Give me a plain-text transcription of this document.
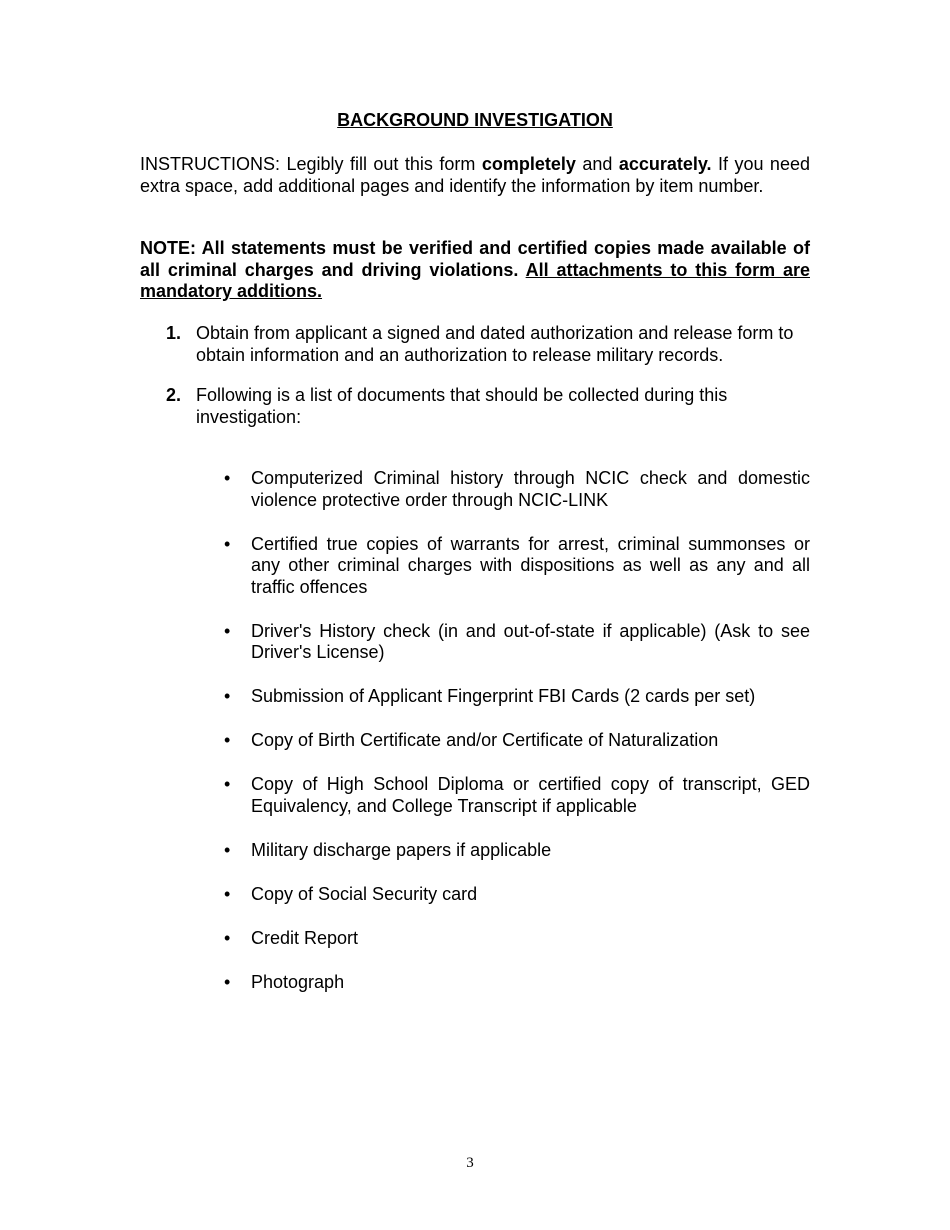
BACKGROUND INVESTIGATION

INSTRUCTIONS: Legibly fill out this form completely and accurately. If you need extra space, add additional pages and identify the information by item number.

NOTE: All statements must be verified and certified copies made available of all criminal charges and driving violations. All attachments to this form are mandatory additions.

1. Obtain from applicant a signed and dated authorization and release form to obtain information and an authorization to release military records.
2. Following is a list of documents that should be collected during this investigation:
• Computerized Criminal history through NCIC check and domestic violence protective order through NCIC-LINK
• Certified true copies of warrants for arrest, criminal summonses or any other criminal charges with dispositions as well as any and all traffic offences
• Driver's History check (in and out-of-state if applicable) (Ask to see Driver's License)
• Submission of Applicant Fingerprint FBI Cards (2 cards per set)
• Copy of Birth Certificate and/or Certificate of Naturalization
• Copy of High School Diploma or certified copy of transcript, GED Equivalency, and College Transcript if applicable
• Military discharge papers if applicable
• Copy of Social Security card
• Credit Report
• Photograph
3
